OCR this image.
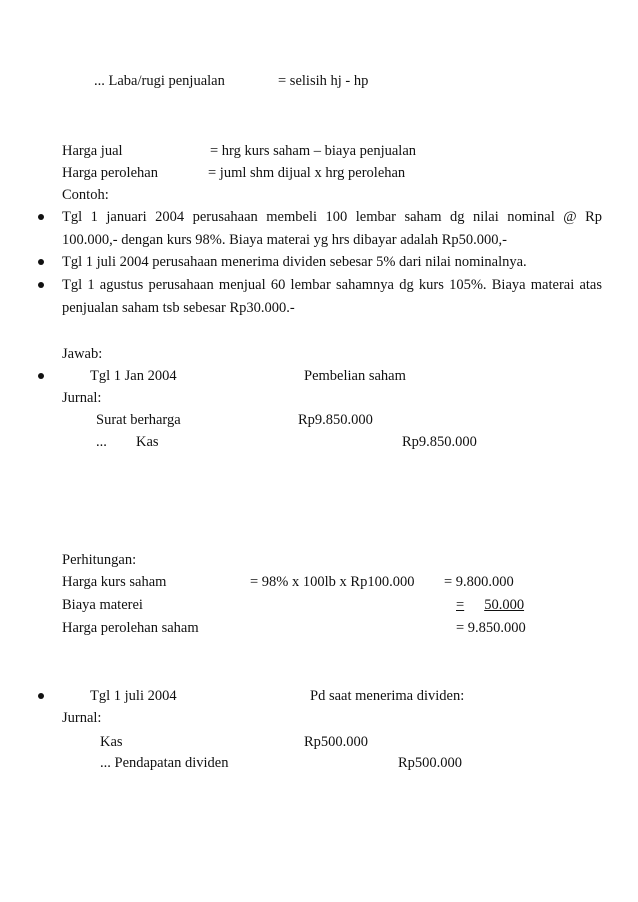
... Laba/rugi penjualan	= selisih hj - hp
Harga jual	= hrg kurs saham – biaya penjualan
Harga perolehan	= juml shm dijual x hrg perolehan
Contoh:
Tgl 1 januari 2004 perusahaan membeli 100 lembar saham dg nilai nominal @ Rp
100.000,- dengan kurs 98%. Biaya materai yg hrs dibayar adalah Rp50.000,-
Tgl 1 juli 2004 perusahaan menerima dividen sebesar 5% dari nilai nominalnya.
Tgl 1 agustus perusahaan menjual 60 lembar sahamnya dg kurs 105%. Biaya materai atas
penjualan saham tsb sebesar Rp30.000.-
Jawab:
Tgl 1 Jan 2004	Pembelian saham
Jurnal:
Surat berharga	Rp9.850.000
... Kas	Rp9.850.000
Perhitungan:
Harga kurs saham	= 98% x 100lb x Rp100.000 = 9.800.000
Biaya materei	= 50.000
Harga perolehan saham	= 9.850.000
Tgl 1 juli 2004	Pd saat menerima dividen:
Jurnal:
Kas	Rp500.000
... Pendapatan dividen	Rp500.000
